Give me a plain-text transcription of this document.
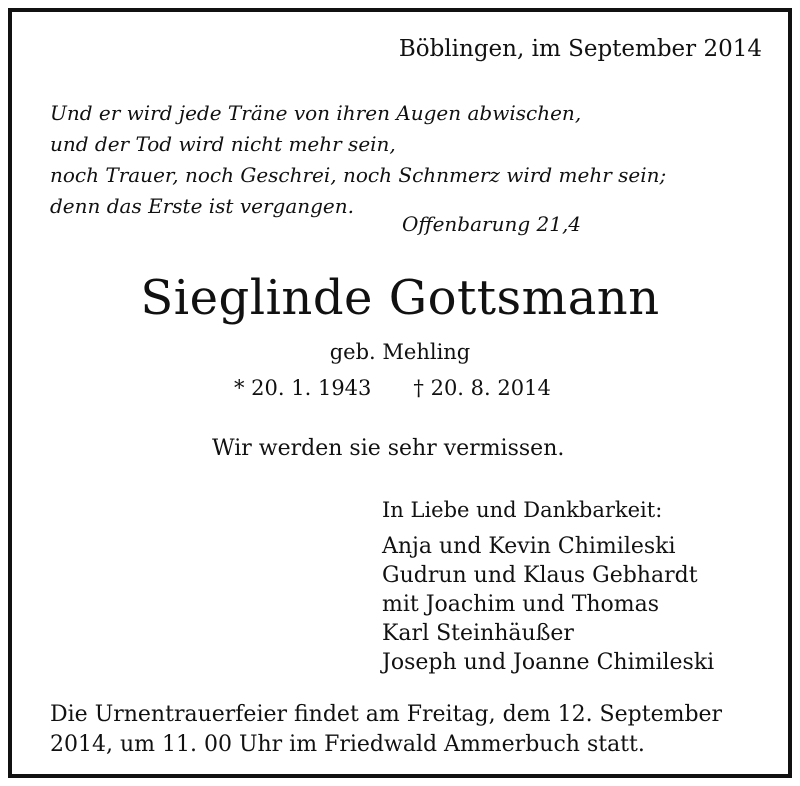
Böblingen, im September 2014

Und er wird jede Träne von ihren Augen abwischen,
und der Tod wird nicht mehr sein,
noch Trauer, noch Geschrei, noch Schnmerz wird mehr sein;
denn das Erste ist vergangen.

Offenbarung 21,4

Sieglinde Gottsmann

geb. Mehling

* 20. 1. 1943 † 20. 8. 2014

Wir werden sie sehr vermissen.

In Liebe und Dankbarkeit:

Anja und Kevin Chimileski
Gudrun und Klaus Gebhardt
mit Joachim und Thomas
Karl Steinhäußer
Joseph und Joanne Chimileski
Die Urnentrauerfeier findet am Freitag, dem 12. September
2014, um 11. 00 Uhr im Friedwald Ammerbuch statt.
